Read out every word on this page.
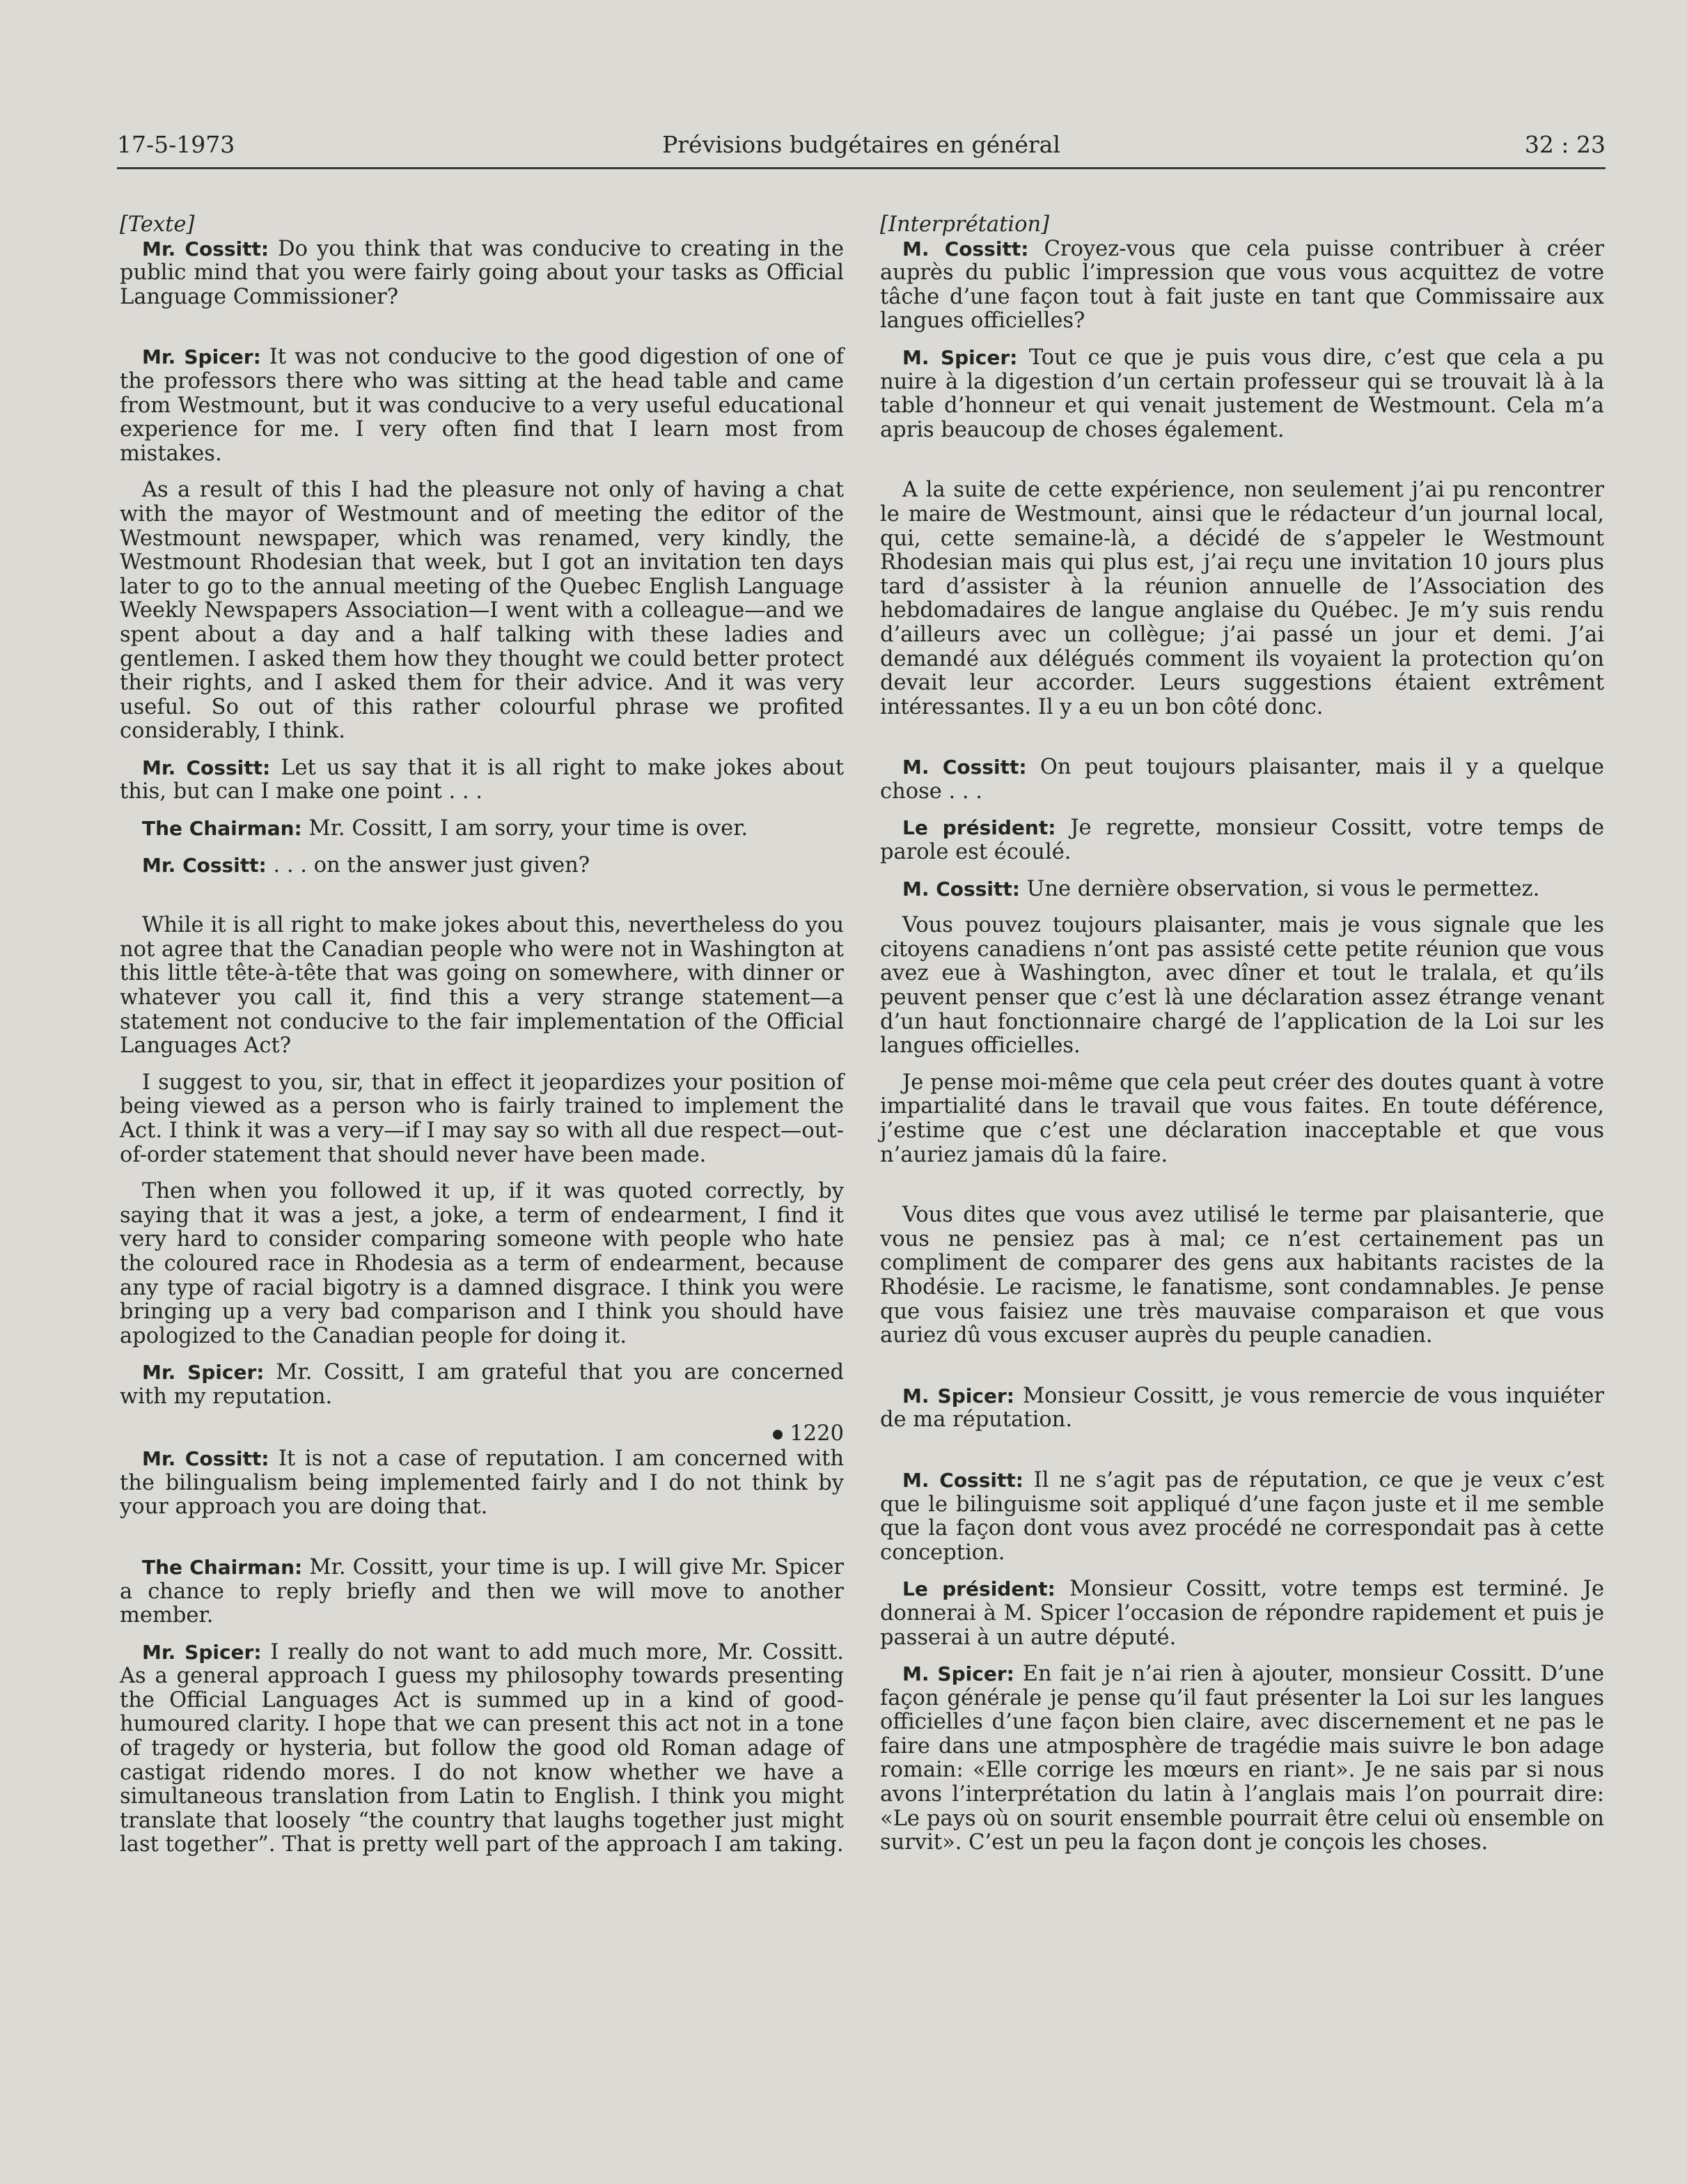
17-5-1973	Prévisions budgétaires en général	32 : 23

[Texte]

Mr. Cossitt: Do you think that was conducive to creating in the public mind that you were fairly going about your tasks as Official Language Commissioner?

Mr. Spicer: It was not conducive to the good digestion of one of the professors there who was sitting at the head table and came from Westmount, but it was conducive to a very useful educational experience for me. I very often find that I learn most from mistakes.

As a result of this I had the pleasure not only of having a chat with the mayor of Westmount and of meeting the editor of the Westmount newspaper, which was renamed, very kindly, the Westmount Rhodesian that week, but I got an invitation ten days later to go to the annual meeting of the Quebec English Language Weekly Newspapers Association—I went with a colleague—and we spent about a day and a half talking with these ladies and gentlemen. I asked them how they thought we could better protect their rights, and I asked them for their advice. And it was very useful. So out of this rather colourful phrase we profited considerably, I think.

Mr. Cossitt: Let us say that it is all right to make jokes about this, but can I make one point . . .

The Chairman: Mr. Cossitt, I am sorry, your time is over.

Mr. Cossitt: . . . on the answer just given?

While it is all right to make jokes about this, nevertheless do you not agree that the Canadian people who were not in Washington at this little tête-à-tête that was going on somewhere, with dinner or whatever you call it, find this a very strange statement—a statement not conducive to the fair implementation of the Official Languages Act?

I suggest to you, sir, that in effect it jeopardizes your position of being viewed as a person who is fairly trained to implement the Act. I think it was a very—if I may say so with all due respect—out-of-order statement that should never have been made.

Then when you followed it up, if it was quoted correctly, by saying that it was a jest, a joke, a term of endearment, I find it very hard to consider comparing someone with people who hate the coloured race in Rhodesia as a term of endearment, because any type of racial bigotry is a damned disgrace. I think you were bringing up a very bad comparison and I think you should have apologized to the Canadian people for doing it.

Mr. Spicer: Mr. Cossitt, I am grateful that you are concerned with my reputation.

1220

Mr. Cossitt: It is not a case of reputation. I am concerned with the bilingualism being implemented fairly and I do not think by your approach you are doing that.

The Chairman: Mr. Cossitt, your time is up. I will give Mr. Spicer a chance to reply briefly and then we will move to another member.

Mr. Spicer: I really do not want to add much more, Mr. Cossitt. As a general approach I guess my philosophy towards presenting the Official Languages Act is summed up in a kind of good-humoured clarity. I hope that we can present this act not in a tone of tragedy or hysteria, but follow the good old Roman adage of castigat ridendo mores. I do not know whether we have a simultaneous translation from Latin to English. I think you might translate that loosely “the country that laughs together just might last together”. That is pretty well part of the approach I am taking.

[Interprétation]

M. Cossitt: Croyez-vous que cela puisse contribuer à créer auprès du public l’impression que vous vous acquittez de votre tâche d’une façon tout à fait juste en tant que Commissaire aux langues officielles?

M. Spicer: Tout ce que je puis vous dire, c’est que cela a pu nuire à la digestion d’un certain professeur qui se trouvait là à la table d’honneur et qui venait justement de Westmount. Cela m’a apris beaucoup de choses également.

A la suite de cette expérience, non seulement j’ai pu rencontrer le maire de Westmount, ainsi que le rédacteur d’un journal local, qui, cette semaine-là, a décidé de s’appeler le Westmount Rhodesian mais qui plus est, j’ai reçu une invitation 10 jours plus tard d’assister à la réunion annuelle de l’Association des hebdomadaires de langue anglaise du Québec. Je m’y suis rendu d’ailleurs avec un collègue; j’ai passé un jour et demi. J’ai demandé aux délégués comment ils voyaient la protection qu’on devait leur accorder. Leurs suggestions étaient extrêment intéressantes. Il y a eu un bon côté donc.

M. Cossitt: On peut toujours plaisanter, mais il y a quelque chose . . .

Le président: Je regrette, monsieur Cossitt, votre temps de parole est écoulé.

M. Cossitt: Une dernière observation, si vous le permettez.

Vous pouvez toujours plaisanter, mais je vous signale que les citoyens canadiens n’ont pas assisté cette petite réunion que vous avez eue à Washington, avec dîner et tout le tralala, et qu’ils peuvent penser que c’est là une déclaration assez étrange venant d’un haut fonctionnaire chargé de l’application de la Loi sur les langues officielles.

Je pense moi-même que cela peut créer des doutes quant à votre impartialité dans le travail que vous faites. En toute déférence, j’estime que c’est une déclaration inacceptable et que vous n’auriez jamais dû la faire.

Vous dites que vous avez utilisé le terme par plaisanterie, que vous ne pensiez pas à mal; ce n’est certainement pas un compliment de comparer des gens aux habitants racistes de la Rhodésie. Le racisme, le fanatisme, sont condamnables. Je pense que vous faisiez une très mauvaise comparaison et que vous auriez dû vous excuser auprès du peuple canadien.

M. Spicer: Monsieur Cossitt, je vous remercie de vous inquiéter de ma réputation.

M. Cossitt: Il ne s’agit pas de réputation, ce que je veux c’est que le bilinguisme soit appliqué d’une façon juste et il me semble que la façon dont vous avez procédé ne correspondait pas à cette conception.

Le président: Monsieur Cossitt, votre temps est terminé. Je donnerai à M. Spicer l’occasion de répondre rapidement et puis je passerai à un autre député.

M. Spicer: En fait je n’ai rien à ajouter, monsieur Cossitt. D’une façon générale je pense qu’il faut présenter la Loi sur les langues officielles d’une façon bien claire, avec discernement et ne pas le faire dans une atmposphère de tragédie mais suivre le bon adage romain: «Elle corrige les mœurs en riant». Je ne sais par si nous avons l’interprétation du latin à l’anglais mais l’on pourrait dire: «Le pays où on sourit ensemble pourrait être celui où ensemble on survit». C’est un peu la façon dont je conçois les choses.
